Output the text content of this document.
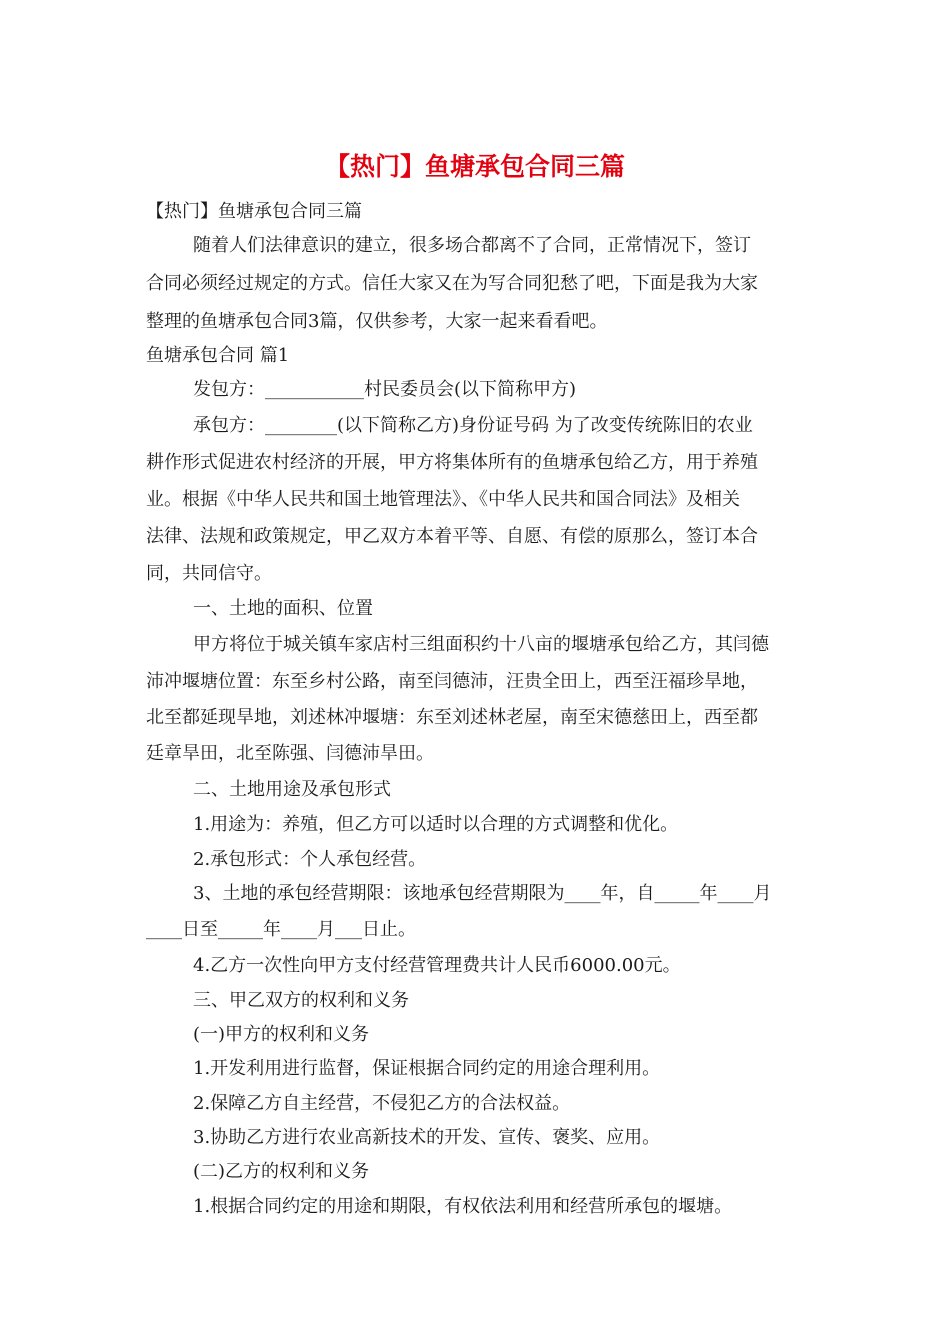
【热门】鱼塘承包合同三篇
【热门】鱼塘承包合同三篇
随着人们法律意识的建立，很多场合都离不了合同，正常情况下，签订
合同必须经过规定的方式。信任大家又在为写合同犯愁了吧，下面是我为大家
整理的鱼塘承包合同3篇，仅供参考，大家一起来看看吧。
鱼塘承包合同 篇1
发包方：___________村民委员会(以下简称甲方)
承包方：________(以下简称乙方)身份证号码 为了改变传统陈旧的农业
耕作形式促进农村经济的开展，甲方将集体所有的鱼塘承包给乙方，用于养殖
业。根据《中华人民共和国土地管理法》、《中华人民共和国合同法》及相关
法律、法规和政策规定，甲乙双方本着平等、自愿、有偿的原那么，签订本合
同，共同信守。
一、土地的面积、位置
甲方将位于城关镇车家店村三组面积约十八亩的堰塘承包给乙方，其闫德
沛冲堰塘位置：东至乡村公路，南至闫德沛，汪贵全田上，西至汪福珍旱地，
北至都延现旱地，刘述林冲堰塘：东至刘述林老屋，南至宋德慈田上，西至都
廷章旱田，北至陈强、闫德沛旱田。
二、土地用途及承包形式
1.用途为：养殖，但乙方可以适时以合理的方式调整和优化。
2.承包形式：个人承包经营。
3、土地的承包经营期限：该地承包经营期限为____年，自_____年____月
____日至_____年____月___日止。
4.乙方一次性向甲方支付经营管理费共计人民币6000.00元。
三、甲乙双方的权利和义务
(一)甲方的权利和义务
1.开发利用进行监督，保证根据合同约定的用途合理利用。
2.保障乙方自主经营，不侵犯乙方的合法权益。
3.协助乙方进行农业高新技术的开发、宣传、褒奖、应用。
(二)乙方的权利和义务
1.根据合同约定的用途和期限，有权依法利用和经营所承包的堰塘。
